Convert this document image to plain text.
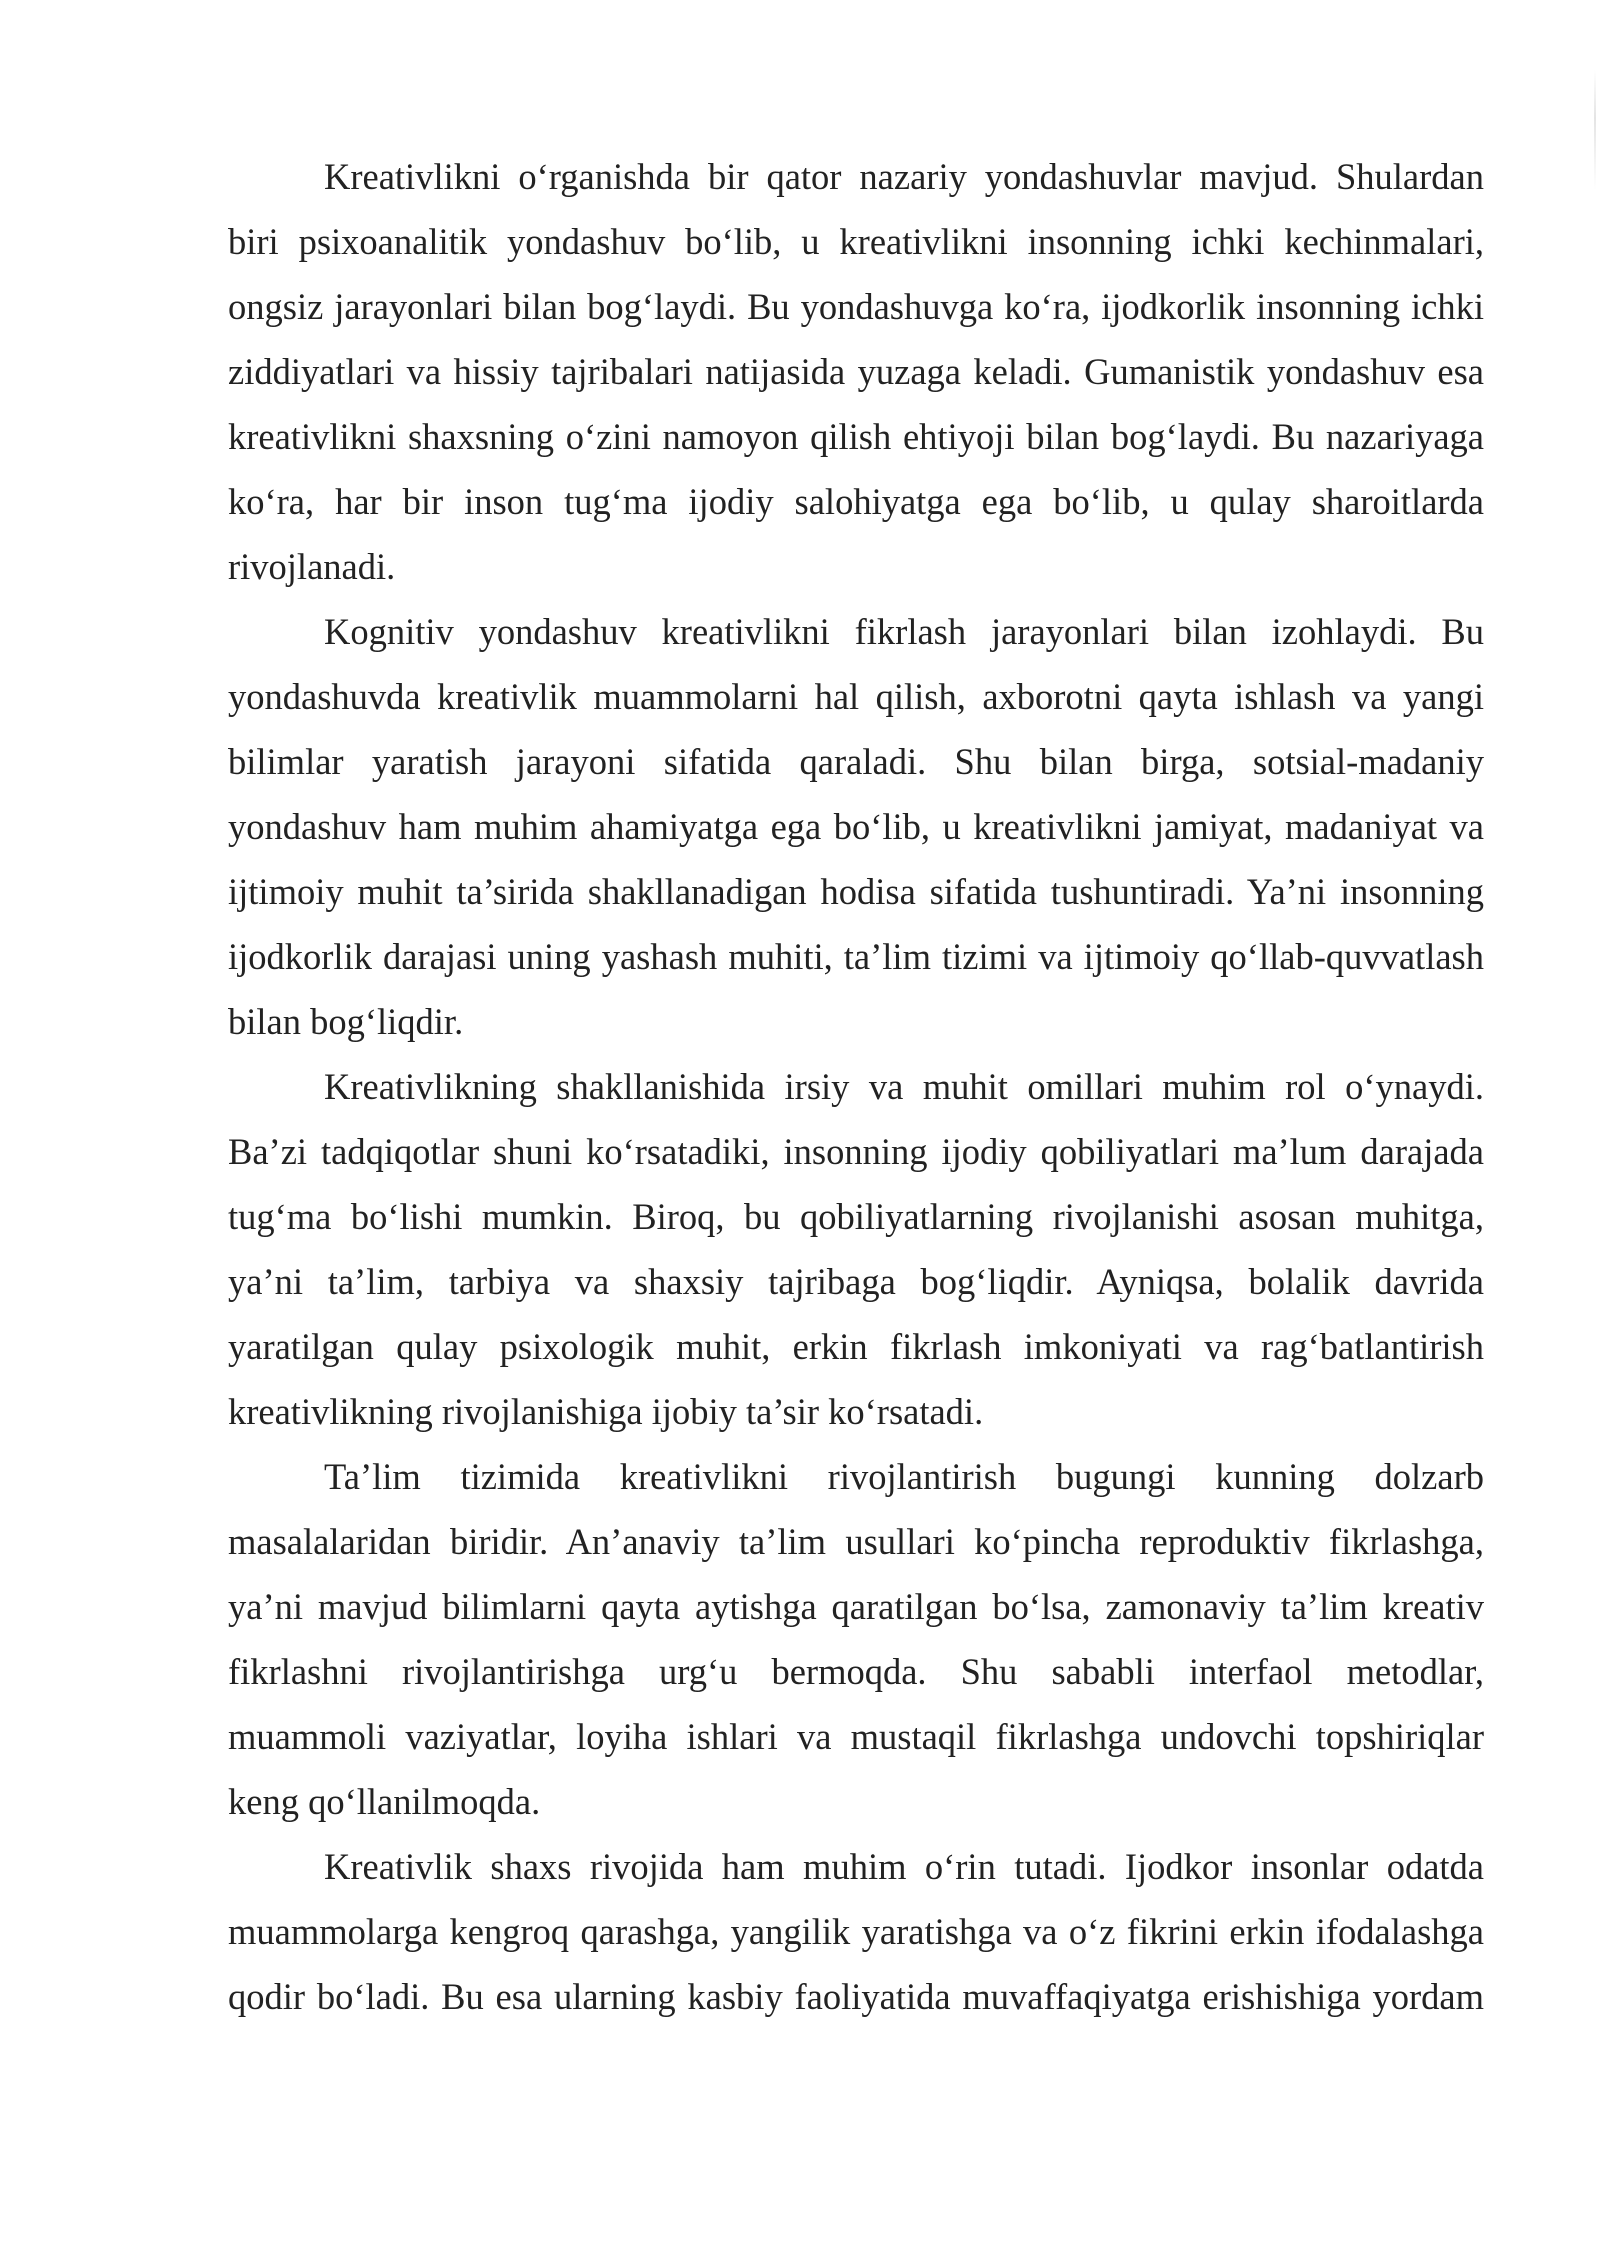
Kreativlikni o‘rganishda bir qator nazariy yondashuvlar mavjud. Shulardan
biri psixoanalitik yondashuv bo‘lib, u kreativlikni insonning ichki kechinmalari,
ongsiz jarayonlari bilan bog‘laydi. Bu yondashuvga ko‘ra, ijodkorlik insonning ichki
ziddiyatlari va hissiy tajribalari natijasida yuzaga keladi. Gumanistik yondashuv esa
kreativlikni shaxsning o‘zini namoyon qilish ehtiyoji bilan bog‘laydi. Bu nazariyaga
ko‘ra, har bir inson tug‘ma ijodiy salohiyatga ega bo‘lib, u qulay sharoitlarda
rivojlanadi.
Kognitiv yondashuv kreativlikni fikrlash jarayonlari bilan izohlaydi. Bu
yondashuvda kreativlik muammolarni hal qilish, axborotni qayta ishlash va yangi
bilimlar yaratish jarayoni sifatida qaraladi. Shu bilan birga, sotsial-madaniy
yondashuv ham muhim ahamiyatga ega bo‘lib, u kreativlikni jamiyat, madaniyat va
ijtimoiy muhit ta’sirida shakllanadigan hodisa sifatida tushuntiradi. Ya’ni insonning
ijodkorlik darajasi uning yashash muhiti, ta’lim tizimi va ijtimoiy qo‘llab-quvvatlash
bilan bog‘liqdir.
Kreativlikning shakllanishida irsiy va muhit omillari muhim rol o‘ynaydi.
Ba’zi tadqiqotlar shuni ko‘rsatadiki, insonning ijodiy qobiliyatlari ma’lum darajada
tug‘ma bo‘lishi mumkin. Biroq, bu qobiliyatlarning rivojlanishi asosan muhitga,
ya’ni ta’lim, tarbiya va shaxsiy tajribaga bog‘liqdir. Ayniqsa, bolalik davrida
yaratilgan qulay psixologik muhit, erkin fikrlash imkoniyati va rag‘batlantirish
kreativlikning rivojlanishiga ijobiy ta’sir ko‘rsatadi.
Ta’lim tizimida kreativlikni rivojlantirish bugungi kunning dolzarb
masalalaridan biridir. An’anaviy ta’lim usullari ko‘pincha reproduktiv fikrlashga,
ya’ni mavjud bilimlarni qayta aytishga qaratilgan bo‘lsa, zamonaviy ta’lim kreativ
fikrlashni rivojlantirishga urg‘u bermoqda. Shu sababli interfaol metodlar,
muammoli vaziyatlar, loyiha ishlari va mustaqil fikrlashga undovchi topshiriqlar
keng qo‘llanilmoqda.
Kreativlik shaxs rivojida ham muhim o‘rin tutadi. Ijodkor insonlar odatda
muammolarga kengroq qarashga, yangilik yaratishga va o‘z fikrini erkin ifodalashga
qodir bo‘ladi. Bu esa ularning kasbiy faoliyatida muvaffaqiyatga erishishiga yordam
